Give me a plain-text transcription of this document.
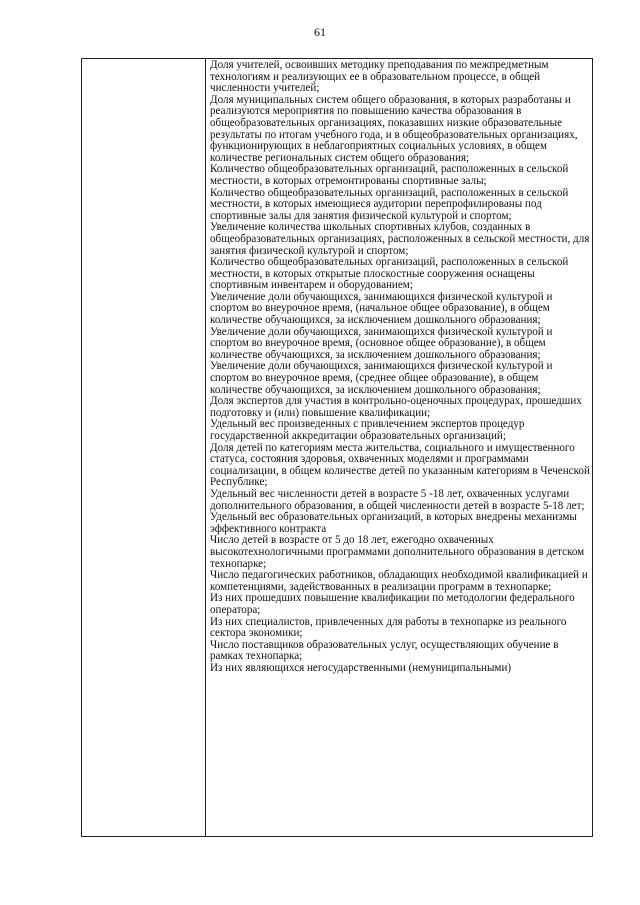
61

Доля учителей, освоивших методику преподавания по межпредметным технологиям и реализующих ее в образовательном процессе, в общей численности учителей;

Доля муниципальных систем общего образования, в которых разработаны и реализуются мероприятия по повышению качества образования в общеобразовательных организациях, показавших низкие образовательные результаты по итогам учебного года, и в общеобразовательных организациях, функционирующих в неблагоприятных социальных условиях, в общем количестве региональных систем общего образования;

Количество общеобразовательных организаций, расположенных в сельской местности, в которых отремонтированы спортивные залы;

Количество общеобразовательных организаций, расположенных в сельской местности, в которых имеющиеся аудитории перепрофилированы под спортивные залы для занятия физической культурой и спортом;

Увеличение количества школьных спортивных клубов, созданных в общеобразовательных организациях, расположенных в сельской местности, для занятия физической культурой и спортом;

Количество общеобразовательных организаций, расположенных в сельской местности, в которых открытые плоскостные сооружения оснащены спортивным инвентарем и оборудованием;

Увеличение доли обучающихся, занимающихся физической культурой и спортом во внеурочное время, (начальное общее образование), в общем количестве обучающихся, за исключением дошкольного образования;

Увеличение доли обучающихся, занимающихся физической культурой и спортом во внеурочное время, (основное общее образование), в общем количестве обучающихся, за исключением дошкольного образования;

Увеличение доли обучающихся, занимающихся физической культурой и спортом во внеурочное время, (среднее общее образование), в общем количестве обучающихся, за исключением дошкольного образования;

Доля экспертов для участия в контрольно-оценочных процедурах, прошедших подготовку и (или) повышение квалификации;

Удельный вес произведенных с привлечением экспертов процедур государственной аккредитации образовательных организаций;

Доля детей по категориям места жительства, социального и имущественного статуса, состояния здоровья, охваченных моделями и программами социализации, в общем количестве детей по указанным категориям в Чеченской Республике;

Удельный вес численности детей в возрасте 5 -18 лет, охваченных услугами дополнительного образования, в общей численности детей в возрасте 5-18 лет;

Удельный вес образовательных организаций, в которых внедрены механизмы эффективного контракта

Число детей в возрасте от 5 до 18 лет, ежегодно охваченных высокотехнологичными программами дополнительного образования в детском технопарке;

Число педагогических работников, обладающих необходимой квалификацией и компетенциями, задействованных в реализации программ в технопарке;

Из них прошедших повышение квалификации по методологии федерального оператора;

Из них специалистов, привлеченных для работы в технопарке из реального сектора экономики;

Число поставщиков образовательных услуг, осуществляющих обучение в рамках технопарка;

Из них являющихся негосударственными (немуниципальными)
